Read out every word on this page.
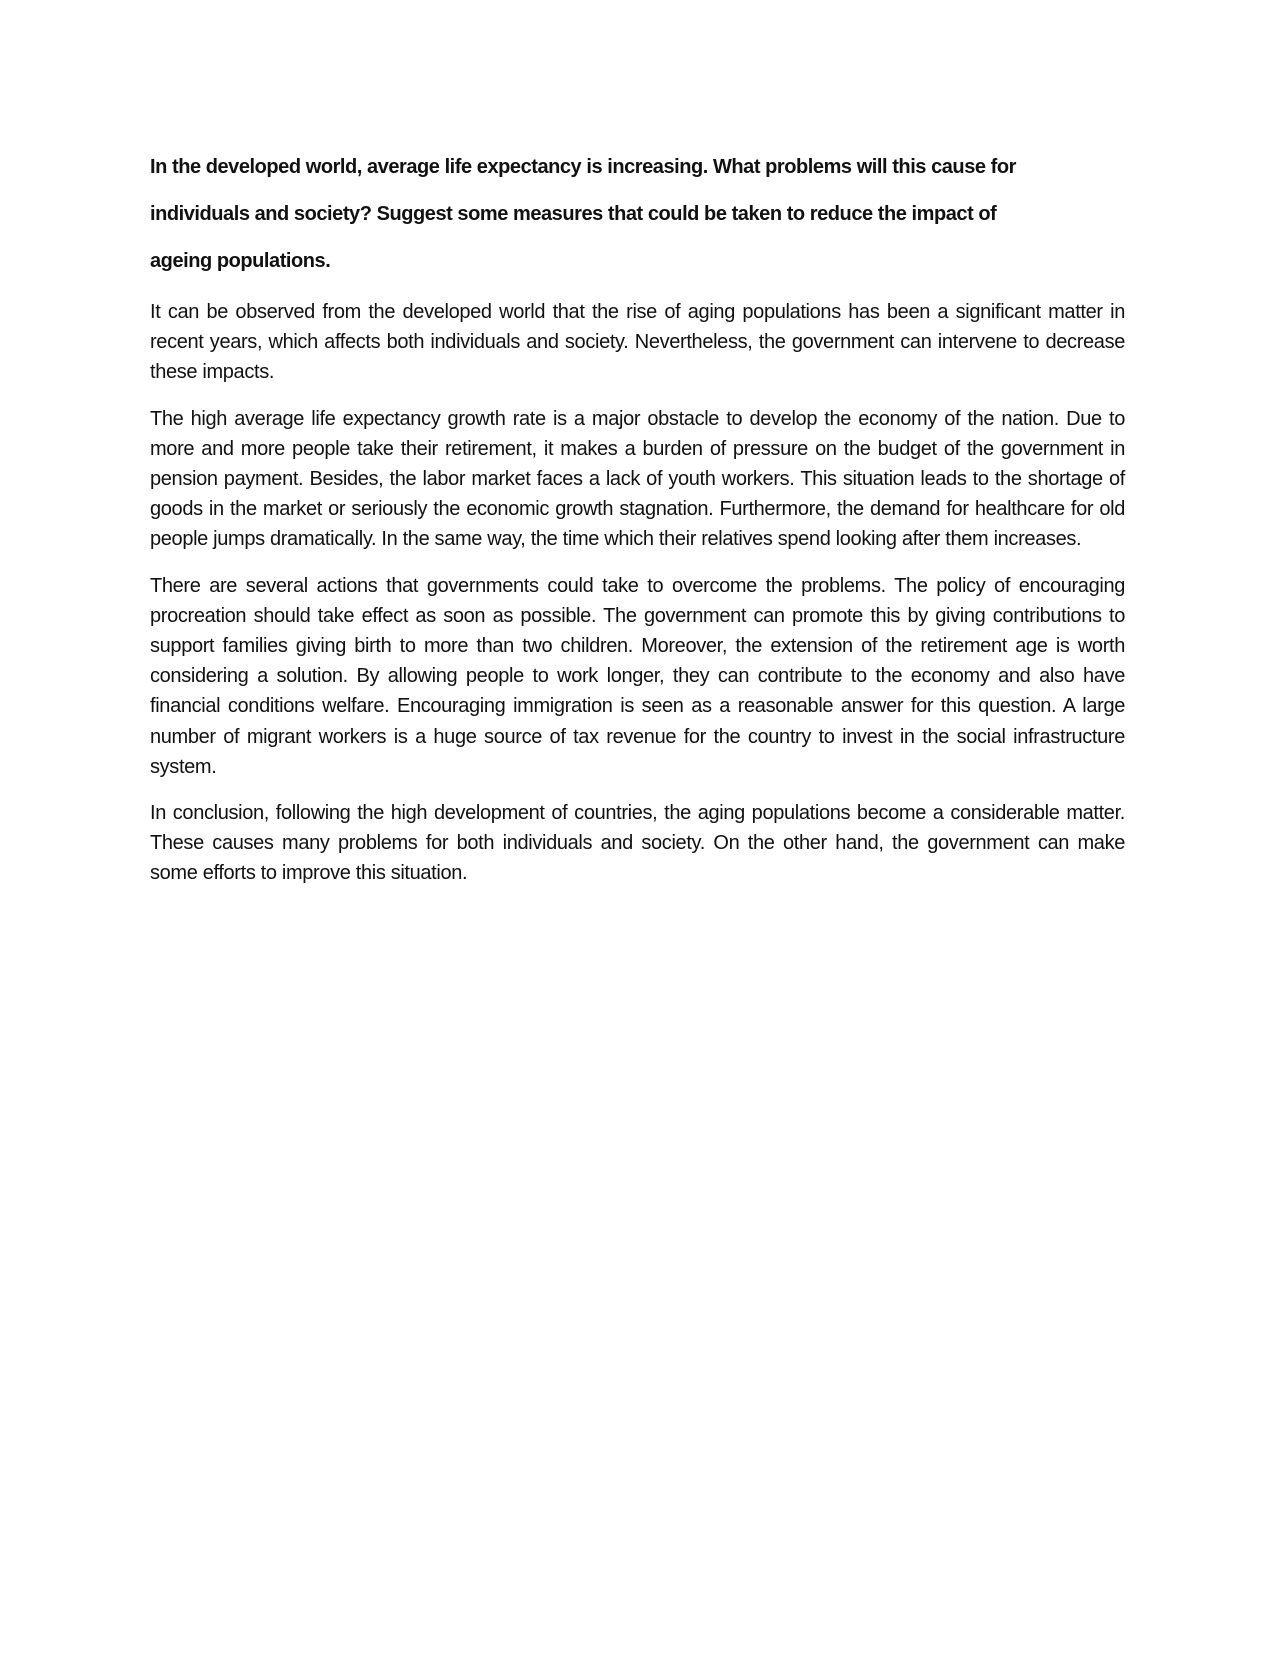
In the developed world, average life expectancy is increasing. What problems will this cause for
individuals and society? Suggest some measures that could be taken to reduce the impact of
ageing populations.

It can be observed from the developed world that the rise of aging populations has been a significant matter in recent years, which affects both individuals and society. Nevertheless, the government can intervene to decrease these impacts.

The high average life expectancy growth rate is a major obstacle to develop the economy of the nation. Due to more and more people take their retirement, it makes a burden of pressure on the budget of the government in pension payment. Besides, the labor market faces a lack of youth workers. This situation leads to the shortage of goods in the market or seriously the economic growth stagnation. Furthermore, the demand for healthcare for old people jumps dramatically. In the same way, the time which their relatives spend looking after them increases.

There are several actions that governments could take to overcome the problems. The policy of encouraging procreation should take effect as soon as possible. The government can promote this by giving contributions to support families giving birth to more than two children. Moreover, the extension of the retirement age is worth considering a solution. By allowing people to work longer, they can contribute to the economy and also have financial conditions welfare. Encouraging immigration is seen as a reasonable answer for this question. A large number of migrant workers is a huge source of tax revenue for the country to invest in the social infrastructure system.

In conclusion, following the high development of countries, the aging populations become a considerable matter. These causes many problems for both individuals and society. On the other hand, the government can make some efforts to improve this situation.
